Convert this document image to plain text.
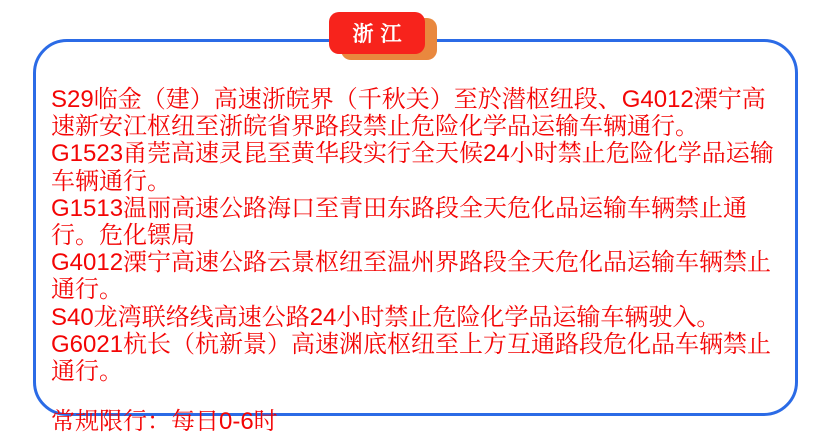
S29临金（建）高速浙皖界（千秋关）至於潜枢纽段、G4012溧宁高速新安江枢纽至浙皖省界路段禁止危险化学品运输车辆通行。

G1523甬莞高速灵昆至黄华段实行全天候24小时禁止危险化学品运输车辆通行。

G1513温丽高速公路海口至青田东路段全天危化品运输车辆禁止通行。危化镖局

G4012溧宁高速公路云景枢纽至温州界路段全天危化品运输车辆禁止通行。

S40龙湾联络线高速公路24小时禁止危险化学品运输车辆驶入。

G6021杭长（杭新景）高速渊底枢纽至上方互通路段危化品车辆禁止通行。

常规限行：每日0-6时

浙江
